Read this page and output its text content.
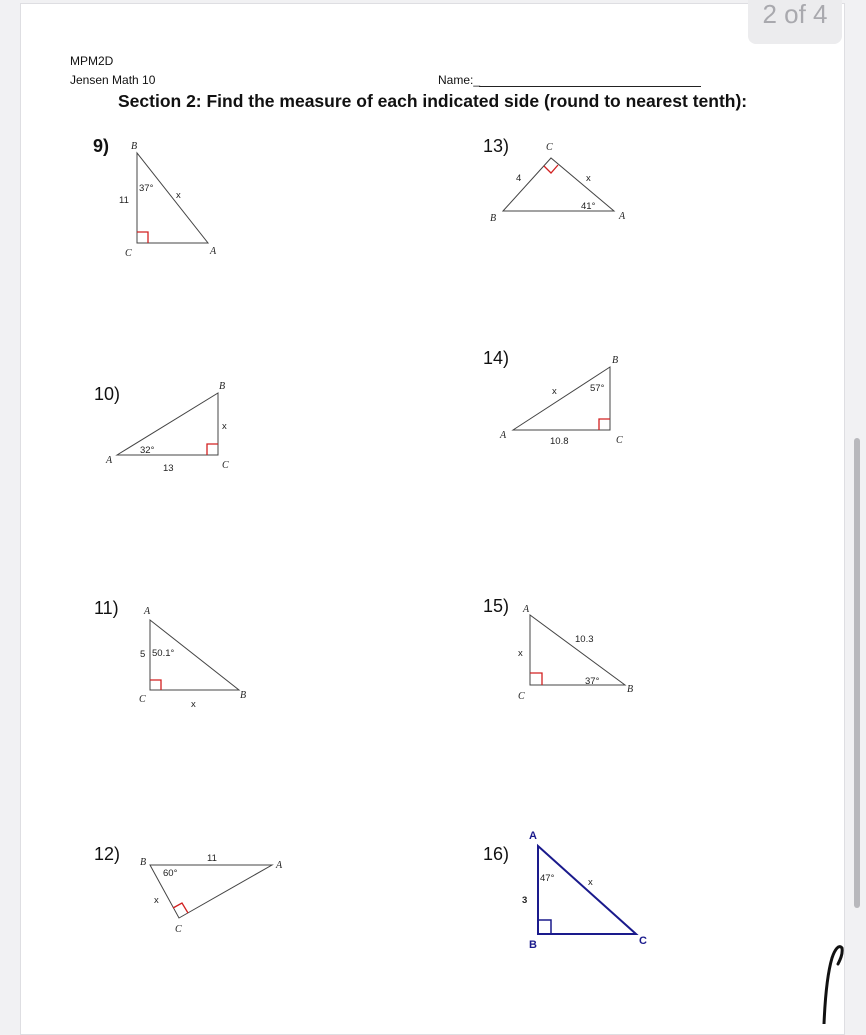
2 of 4
MPM2D
Jensen Math 10	Name:_
Section 2: Find the measure of each indicated side (round to nearest tenth):
9) B
C	A
11
37°
x
10)
A
B
C
13
32°
x
11)	A
C	B
5 50.1°
x
12) B	A
C
11
60°
x
13)	C
B	A
4
41°
x
14)	B
A	C
10.8
57°
x
15) A
C
B
10.3
37°
x
16)
A
B	C
3
47°	x
